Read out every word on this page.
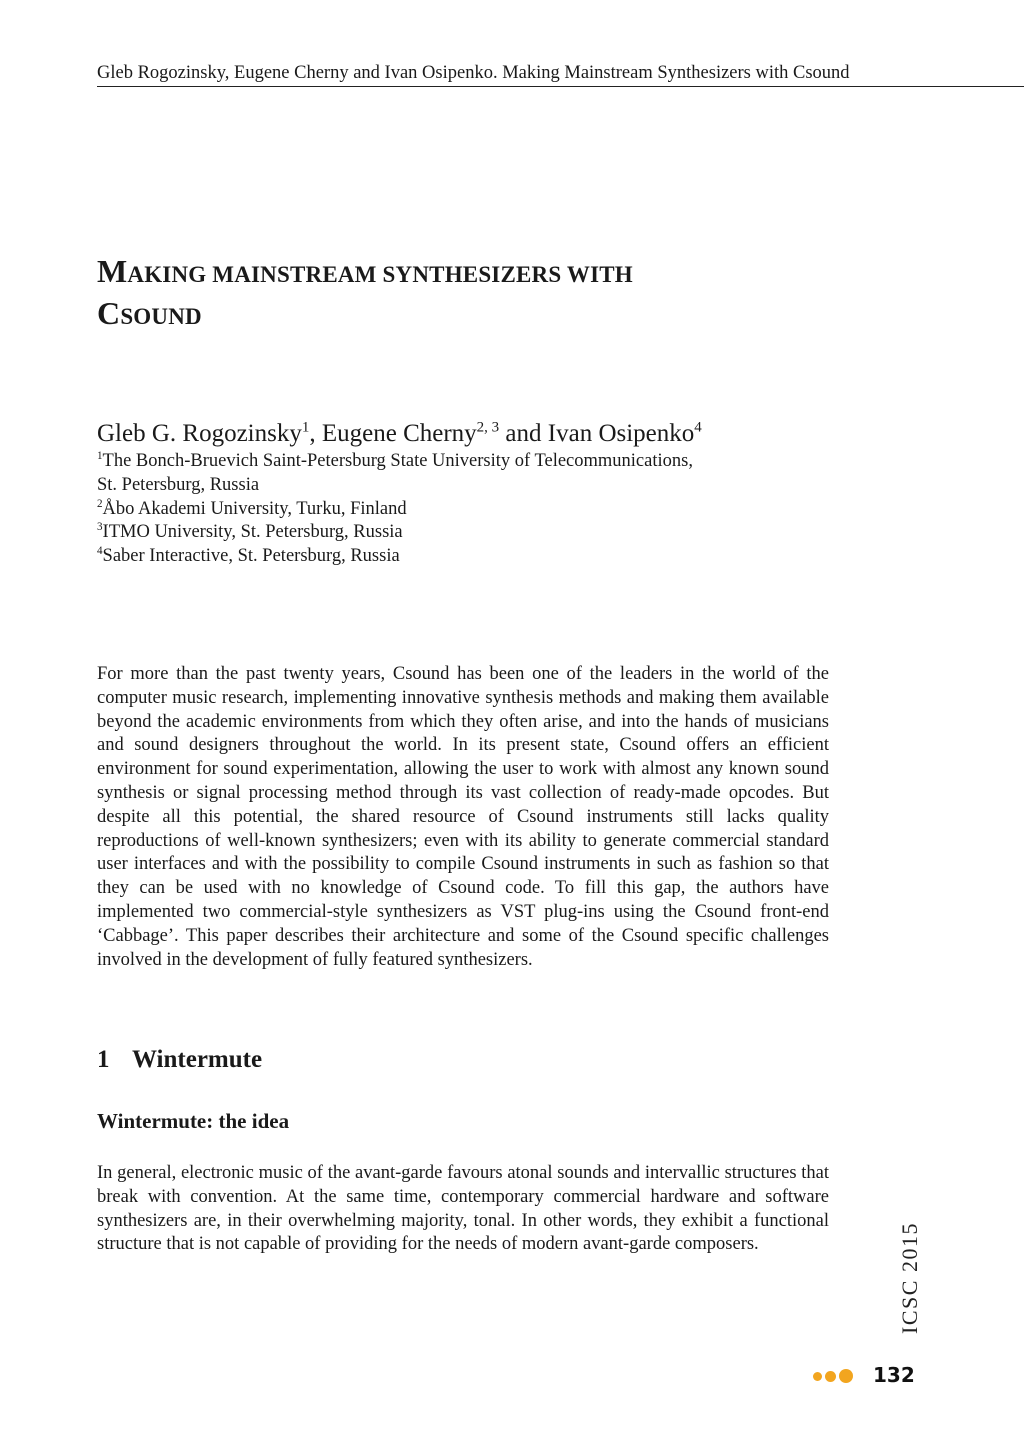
Gleb Rogozinsky, Eugene Cherny and Ivan Osipenko. Making Mainstream Synthesizers with Csound
MAKING MAINSTREAM SYNTHESIZERS WITH
CSOUND
Gleb G. Rogozinsky$^1$, Eugene Cherny$^{2, 3}$ and Ivan Osipenko$^4$
$^1$The Bonch-Bruevich Saint-Petersburg State University of Telecommunications,
St. Petersburg, Russia
$^2$Åbo Akademi University, Turku, Finland
$^3$ITMO University, St. Petersburg, Russia
$^4$Saber Interactive, St. Petersburg, Russia

For more than the past twenty years, Csound has been one of the leaders in the world of the computer music research, implementing innovative synthesis methods and making them available beyond the academic environments from which they often arise, and into the hands of musicians and sound designers throughout the world. In its present state, Csound offers an efficient environment for sound experimentation, allowing the user to work with almost any known sound synthesis or signal processing method through its vast collection of ready-made opcodes. But despite all this potential, the shared resource of Csound instruments still lacks quality reproductions of well-known synthesizers; even with its ability to generate commercial standard user interfaces and with the possibility to compile Csound instruments in such as fashion so that they can be used with no knowledge of Csound code. To fill this gap, the authors have implemented two commercial-style synthesizers as VST plug-ins using the Csound front-end ‘Cabbage’. This paper describes their architecture and some of the Csound specific challenges involved in the development of fully featured synthesizers.

1 Wintermute
Wintermute: the idea

In general, electronic music of the avant-garde favours atonal sounds and intervallic structures that break with convention. At the same time, contemporary commercial hardware and software synthesizers are, in their overwhelming majority, tonal. In other words, they exhibit a functional structure that is not capable of providing for the needs of modern avant-garde composers.	ICSC 2015
132
